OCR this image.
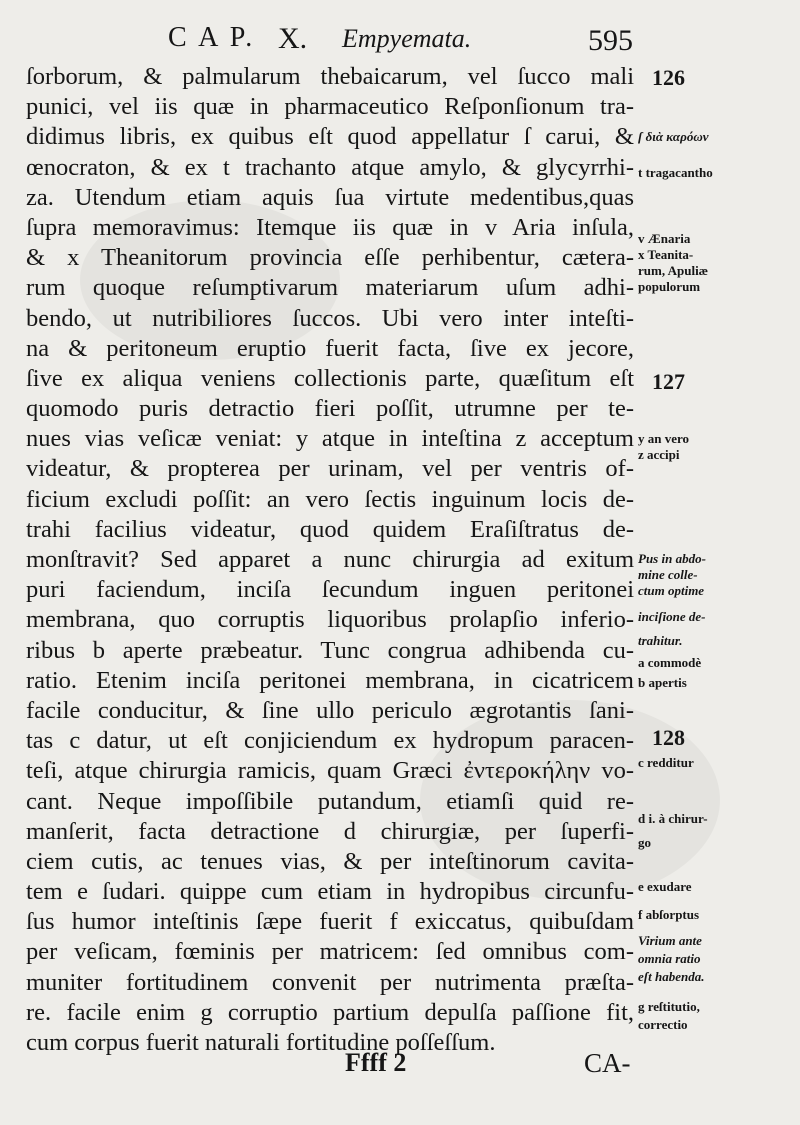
C A P. X. Empyemata.	595
ſorborum, & palmularum thebaicarum, vel ſucco mali
punici, vel iis quæ in pharmaceutico Reſponſionum tra-
didimus libris, ex quibus eſt quod appellatur ſ carui, &
œnocraton, & ex t trachanto atque amylo, & glycyrrhi-
za. Utendum etiam aquis ſua virtute medentibus,quas
ſupra memoravimus: Itemque iis quæ in v Aria inſula,
& x Theanitorum provincia eſſe perhibentur, cætera-
rum quoque reſumptivarum materiarum uſum adhi-
bendo, ut nutribiliores ſuccos. Ubi vero inter inteſti-
na & peritoneum eruptio fuerit facta, ſive ex jecore,
ſive ex aliqua veniens collectionis parte, quæſitum eſt
quomodo puris detractio fieri poſſit, utrumne per te-
nues vias veſicæ veniat: y atque in inteſtina z acceptum
videatur, & propterea per urinam, vel per ventris of-
ficium excludi poſſit: an vero ſectis inguinum locis de-
trahi facilius videatur, quod quidem Eraſiſtratus de-
monſtravit? Sed apparet a nunc chirurgia ad exitum
puri faciendum, inciſa ſecundum inguen peritonei
membrana, quo corruptis liquoribus prolapſio inferio-
ribus b aperte præbeatur. Tunc congrua adhibenda cu-
ratio. Etenim inciſa peritonei membrana, in cicatricem
facile conducitur, & ſine ullo periculo ægrotantis ſani-
tas c datur, ut eſt conjiciendum ex hydropum paracen-
teſi, atque chirurgia ramicis, quam Græci ἐντεροκήλην vo-
cant. Neque impoſſibile putandum, etiamſi quid re-
manſerit, facta detractione d chirurgiæ, per ſuperfi-
ciem cutis, ac tenues vias, & per inteſtinorum cavita-
tem e ſudari. quippe cum etiam in hydropibus circunfu-
ſus humor inteſtinis ſæpe fuerit f exiccatus, quibuſdam
per veſicam, fœminis per matricem: ſed omnibus com-
muniter fortitudinem convenit per nutrimenta præſta-
re. facile enim g corruptio partium depulſa paſſione fit,
cum corpus fuerit naturali fortitudine poſſeſſum.
126
ſ διὰ καρόων
t tragacantho
v Ænaria
x Teanita-
rum, Apuliæ
populorum
127
y an vero
z accipi
Pus in abdo-
mine colle-
ctum optime
inciſione de-
trahitur.
a commodè
b apertis
128
c redditur
d i. à chirur-
go
e exudare
f abſorptus
Virium ante
omnia ratio
eſt habenda.
g reſtitutio,
correctio
Ffff 2	CA-
